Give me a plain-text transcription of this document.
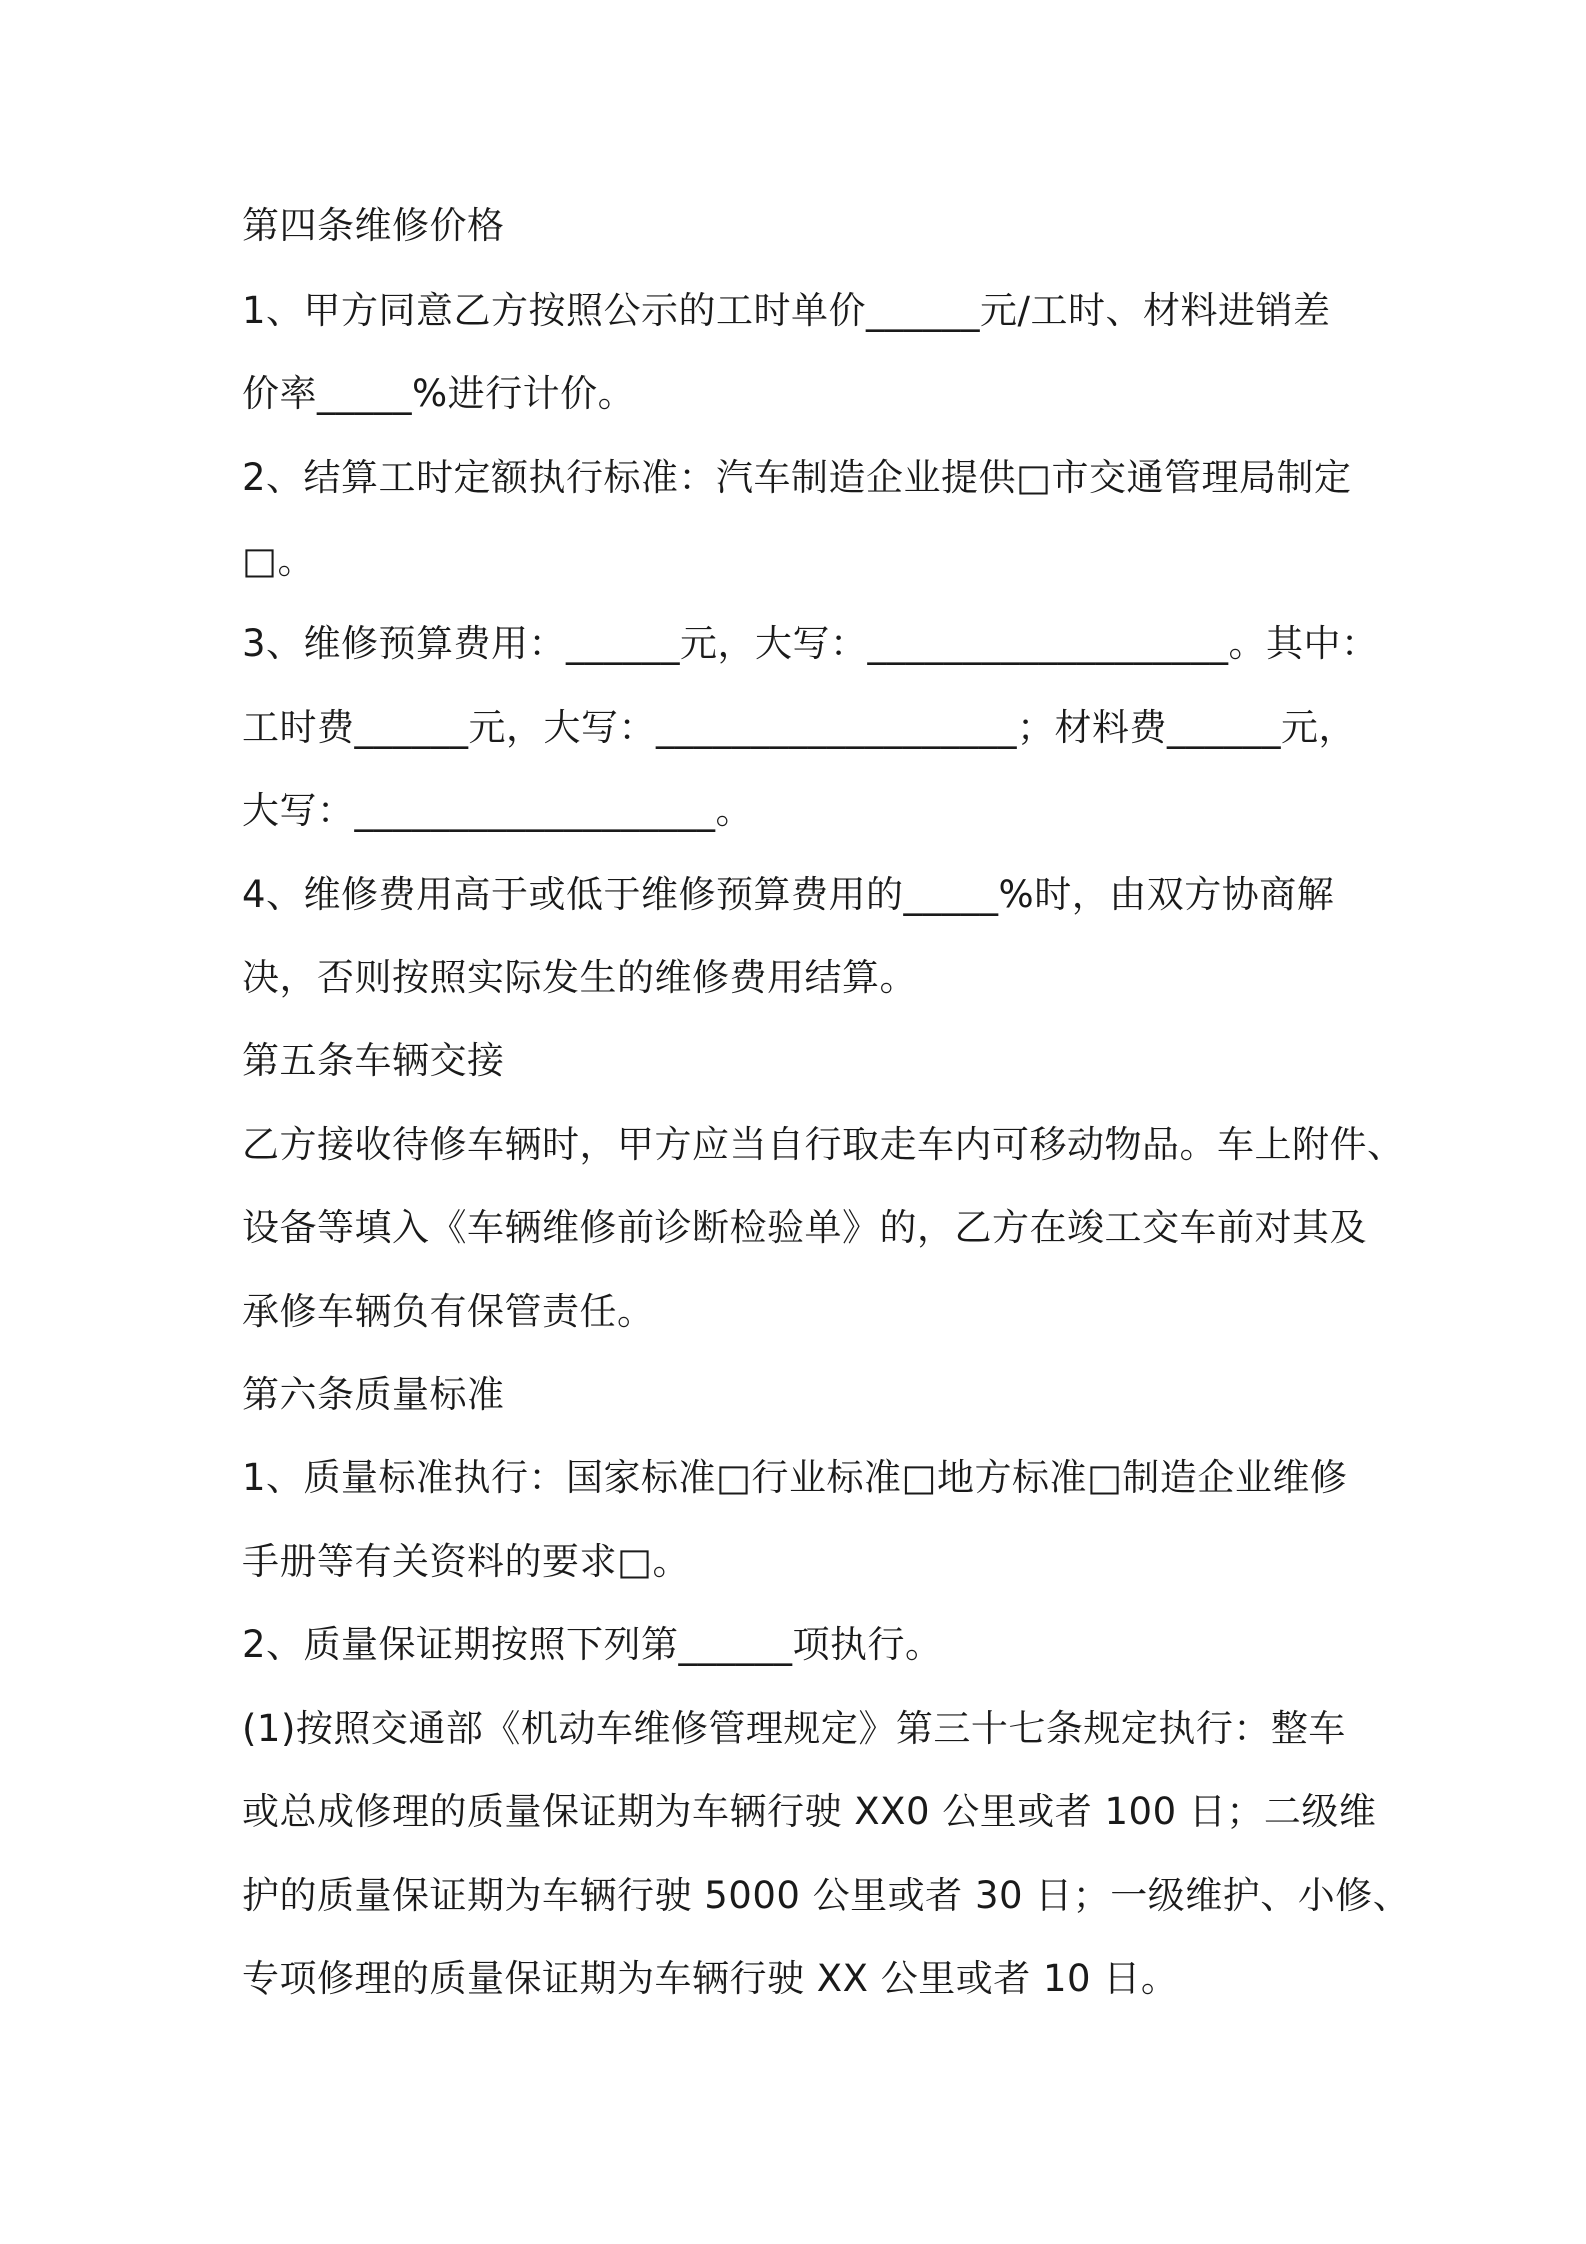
第四条维修价格

1、甲方同意乙方按照公示的工时单价______元/工时、材料进销差

价率_____%进行计价。

2、结算工时定额执行标准：汽车制造企业提供□市交通管理局制定

□。

3、维修预算费用：______元，大写：___________________。其中：

工时费______元，大写：___________________；材料费______元，

大写：___________________。

4、维修费用高于或低于维修预算费用的_____%时，由双方协商解

决，否则按照实际发生的维修费用结算。

第五条车辆交接

乙方接收待修车辆时，甲方应当自行取走车内可移动物品。车上附件、

设备等填入《车辆维修前诊断检验单》的，乙方在竣工交车前对其及

承修车辆负有保管责任。

第六条质量标准

1、质量标准执行：国家标准□行业标准□地方标准□制造企业维修

手册等有关资料的要求□。

2、质量保证期按照下列第______项执行。

(1)按照交通部《机动车维修管理规定》第三十七条规定执行：整车

或总成修理的质量保证期为车辆行驶 XX0 公里或者 100 日；二级维

护的质量保证期为车辆行驶 5000 公里或者 30 日；一级维护、小修、

专项修理的质量保证期为车辆行驶 XX 公里或者 10 日。
